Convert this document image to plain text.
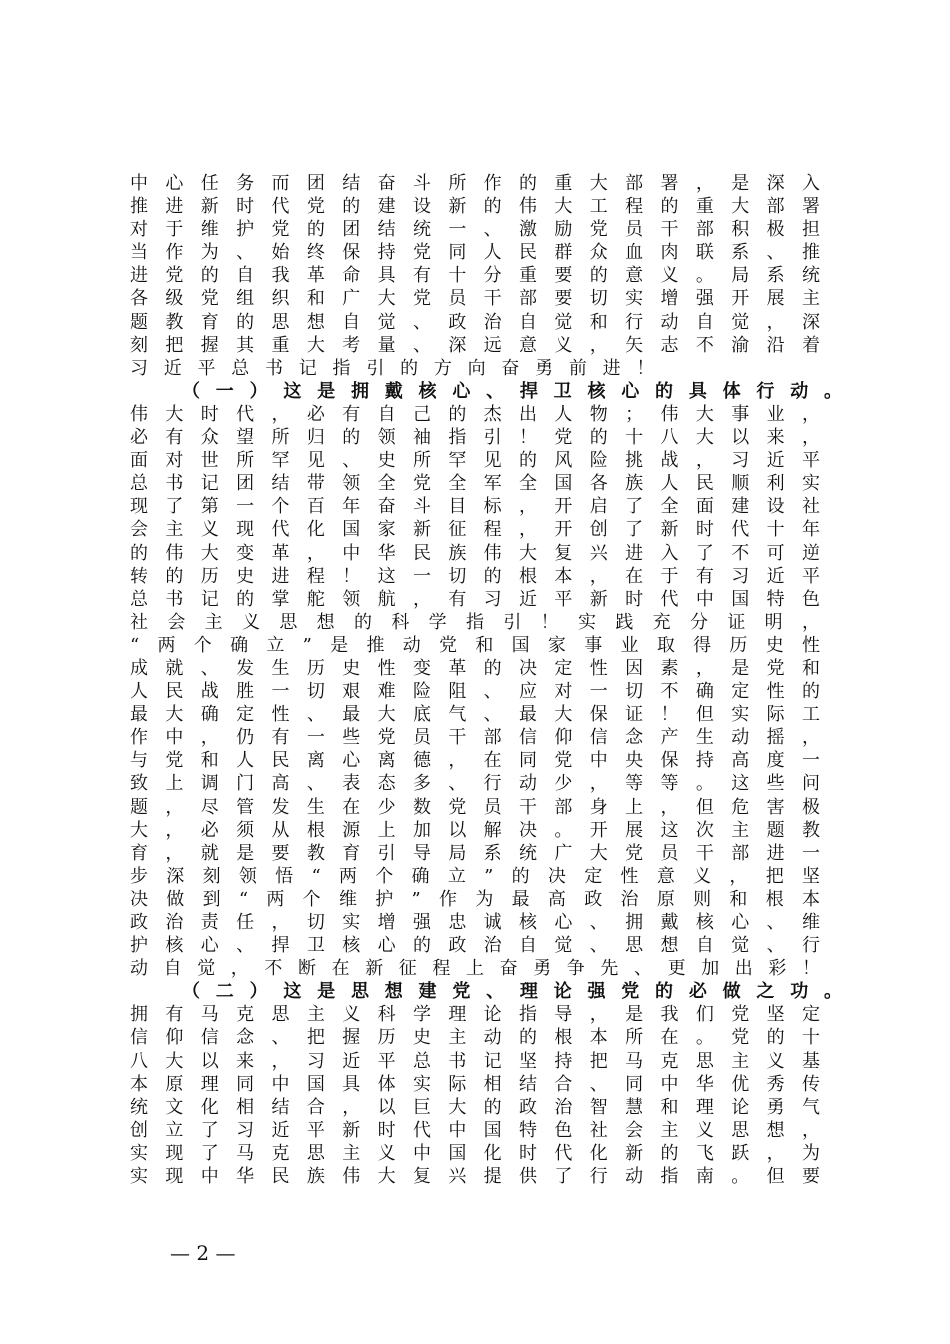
中心任务而团结奋斗所作的重大部署，是深入
推进新时代党的建设新的伟大工程的重大部署
对于维护党的团结统一、激励党员干部积极担
当作为、始终保持党同人民群众血肉联系、推
进党的自我革命具有十分重要的意义。局系统
各级党组织和广大党员干部要切实增强开展主
题教育的思想自觉、政治自觉和行动自觉，深
刻把握其重大考量、深远意义，矢志不渝沿着
习近平总书记指引的方向奋勇前进！
（一）这是拥戴核心、捍卫核心的具体行动。
伟大时代，必有自己的杰出人物；伟大事业，
必有众望所归的领袖指引！党的十八大以来，
面对世所罕见、史所罕见的风险挑战，习近平
总书记团结带领全党全军全国各族人民顺利实
现了第一个百年奋斗目标，开启了全面建设社
会主义现代化国家新征程，开创了新时代十年
的伟大变革，中华民族伟大复兴进入了不可逆
转的历史进程！这一切的根本，在于有习近平
总书记的掌舵领航，有习近平新时代中国特色
社会主义思想的科学指引！实践充分证明，
“两个确立”是推动党和国家事业取得历史性
成就、发生历史性变革的决定性因素，是党和
人民战胜一切艰难险阻、应对一切不确定性的
最大确定性、最大底气、最大保证！但实际工
作中，仍有一些党员干部信仰信念产生动摇，
与党和人民离心离德，在同党中央保持高度一
致上调门高、表态多、行动少，等等。这些问
题，尽管发生在少数党员干部身上，但危害极
大，必须从根源上加以解决。开展这次主题教
育，就是要教育引导局系统广大党员干部进一
步深刻领悟“两个确立”的决定性意义，把坚
决做到“两个维护”作为最高政治原则和根本
政治责任，切实增强忠诚核心、拥戴核心、维
护核心、捍卫核心的政治自觉、思想自觉、行
动自觉，不断在新征程上奋勇争先、更加出彩！
（二）这是思想建党、理论强党的必做之功。
拥有马克思主义科学理论指导，是我们党坚定
信仰信念、把握历史主动的根本所在。党的十
八大以来，习近平总书记坚持把马克思主义基
本原理同中国具体实际相结合、同中华优秀传
统文化相结合，以巨大的政治智慧和理论勇气
创立了习近平新时代中国特色社会主义思想，
实现了马克思主义中国化时代化新的飞跃，为
实现中华民族伟大复兴提供了行动指南。但要
— 2 —
